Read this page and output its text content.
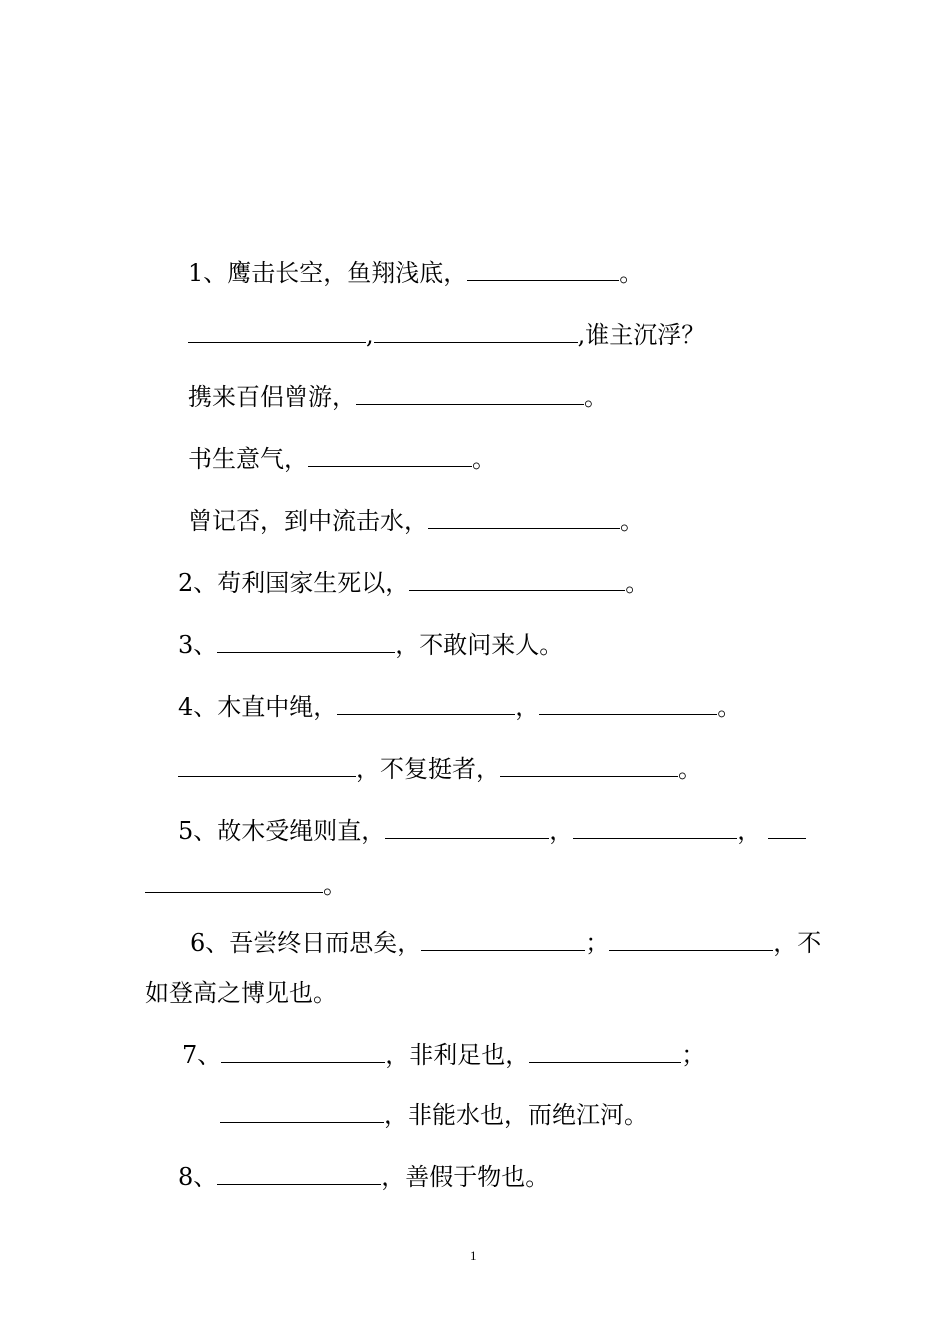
1、鹰击长空，鱼翔浅底，	。
,	,谁主沉浮？
携来百侣曾游，	。
书生意气，	。
曾记否，到中流击水，	。
2、苟利国家生死以，	。
3、	，不敢问来人。
4、木直中绳，	，	。
，不复挺者，	。
5、故木受绳则直，	，	，
。
6、吾尝终日而思矣，	；	，不
如登高之博见也。
7、	，非利足也，	；
，非能水也，而绝江河。
8、	，善假于物也。
1
